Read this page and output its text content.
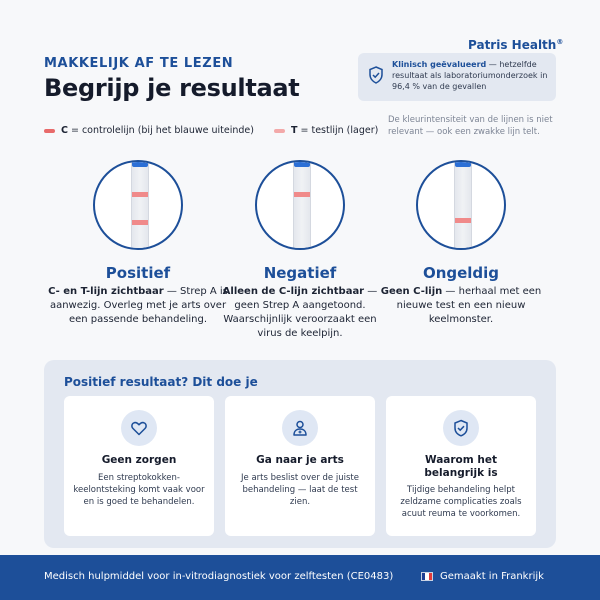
Patris Health®
MAKKELIJK AF TE LEZEN
Begrijp je resultaat
Klinisch geëvalueerd — hetzelfde resultaat als laboratoriumonderzoek in 96,4 % van de gevallen
C = controlelijn (bij het blauwe uiteinde)	T = testlijn (lager)
De kleurintensiteit van de lijnen is niet relevant — ook een zwakke lijn telt.
Positief
C- en T-lijn zichtbaar — Strep A is aanwezig. Overleg met je arts over een passende behandeling.
Negatief
Alleen de C-lijn zichtbaar — geen Strep A aangetoond. Waarschijnlijk veroorzaakt een virus de keelpijn.
Ongeldig
Geen C-lijn — herhaal met een nieuwe test en een nieuw keelmonster.
Positief resultaat? Dit doe je
Geen zorgen
Een streptokokken-keelontsteking komt vaak voor en is goed te behandelen.
Ga naar je arts
Je arts beslist over de juiste behandeling — laat de test zien.
Waarom het belangrijk is
Tijdige behandeling helpt zeldzame complicaties zoals acuut reuma te voorkomen.
Medisch hulpmiddel voor in-vitrodiagnostiek voor zelftesten (CE0483)	Gemaakt in Frankrijk
